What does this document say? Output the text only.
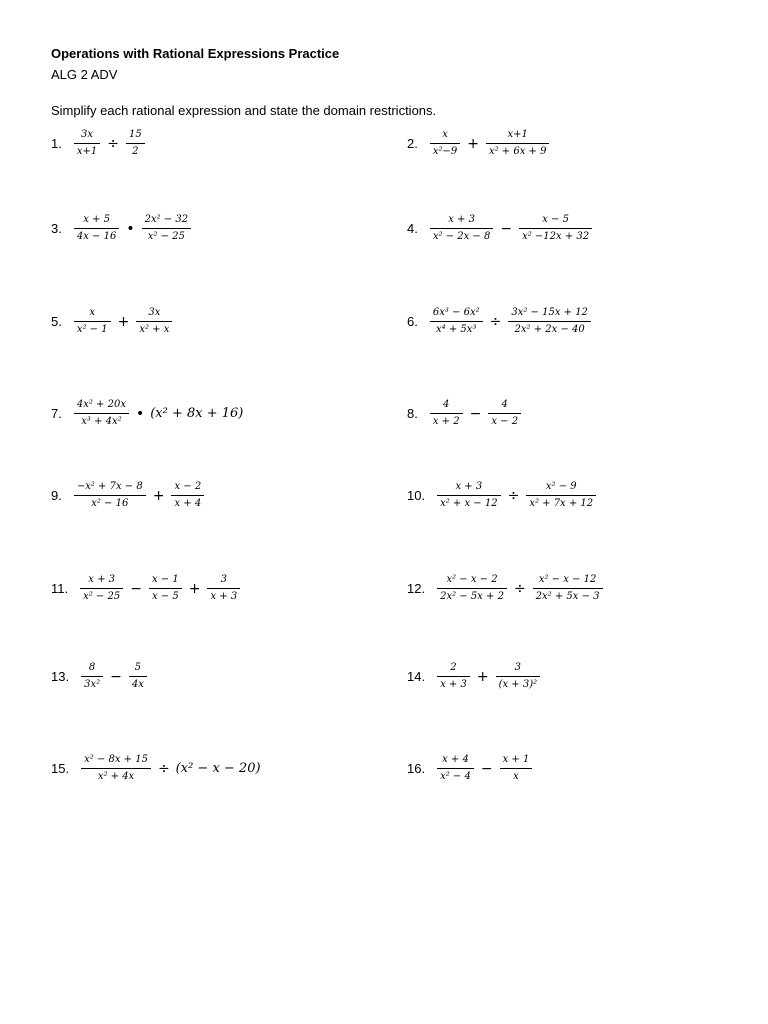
Operations with Rational Expressions Practice
ALG 2 ADV
Simplify each rational expression and state the domain restrictions.
1. $\frac{3x}{x+1} \div \frac{15}{2}$	2. $\frac{x}{\text{x²−9}} + \frac{x+1}{\text{x² + 6x + 9}}$
3. $\frac{x + 5}{4x - 16}$ • $\frac{\text{2x² − 32}}{\text{x² − 25}}$	4. $\frac{x + 3}{\text{x² − 2x − 8}} - \frac{x - 5}{\text{x² −12x + 32}}$
5. $\frac{x}{\text{x² − 1}} + \frac{3x}{\text{x² + x}}$	6. $\frac{\text{6x³ − 6x²}}{\text{x⁴ + 5x³}} \div \frac{\text{3x² − 15x + 12}}{\text{2x² + 2x − 40}}$
7. $\frac{\text{4x² + 20x}}{\text{x³ + 4x²}}$ • (x² + 8x + 16)	8. $\frac{4}{x + 2} - \frac{4}{x - 2}$
9. $\frac{\text{−x² + 7x − 8}}{\text{x² − 16}} + \frac{x - 2}{x + 4}$	10. $\frac{x + 3}{\text{x² + x − 12}} \div \frac{\text{x² − 9}}{\text{x² + 7x + 12}}$
11. $\frac{x + 3}{\text{x² − 25}} - \frac{x - 1}{x - 5} + \frac{3}{x + 3}$	12. $\frac{\text{x² − x − 2}}{\text{2x² − 5x + 2}} \div \frac{\text{x² − x − 12}}{\text{2x² + 5x − 3}}$
13. $\frac{8}{\text{3x²}} - \frac{5}{4x}$	14. $\frac{2}{x + 3} + \frac{3}{\text{(x + 3)²}}$
15. $\frac{\text{x² − 8x + 15}}{\text{x² + 4x}} \div (x^2 - x - 20)$	16. $\frac{x + 4}{\text{x² − 4}} - \frac{x + 1}{x}$
